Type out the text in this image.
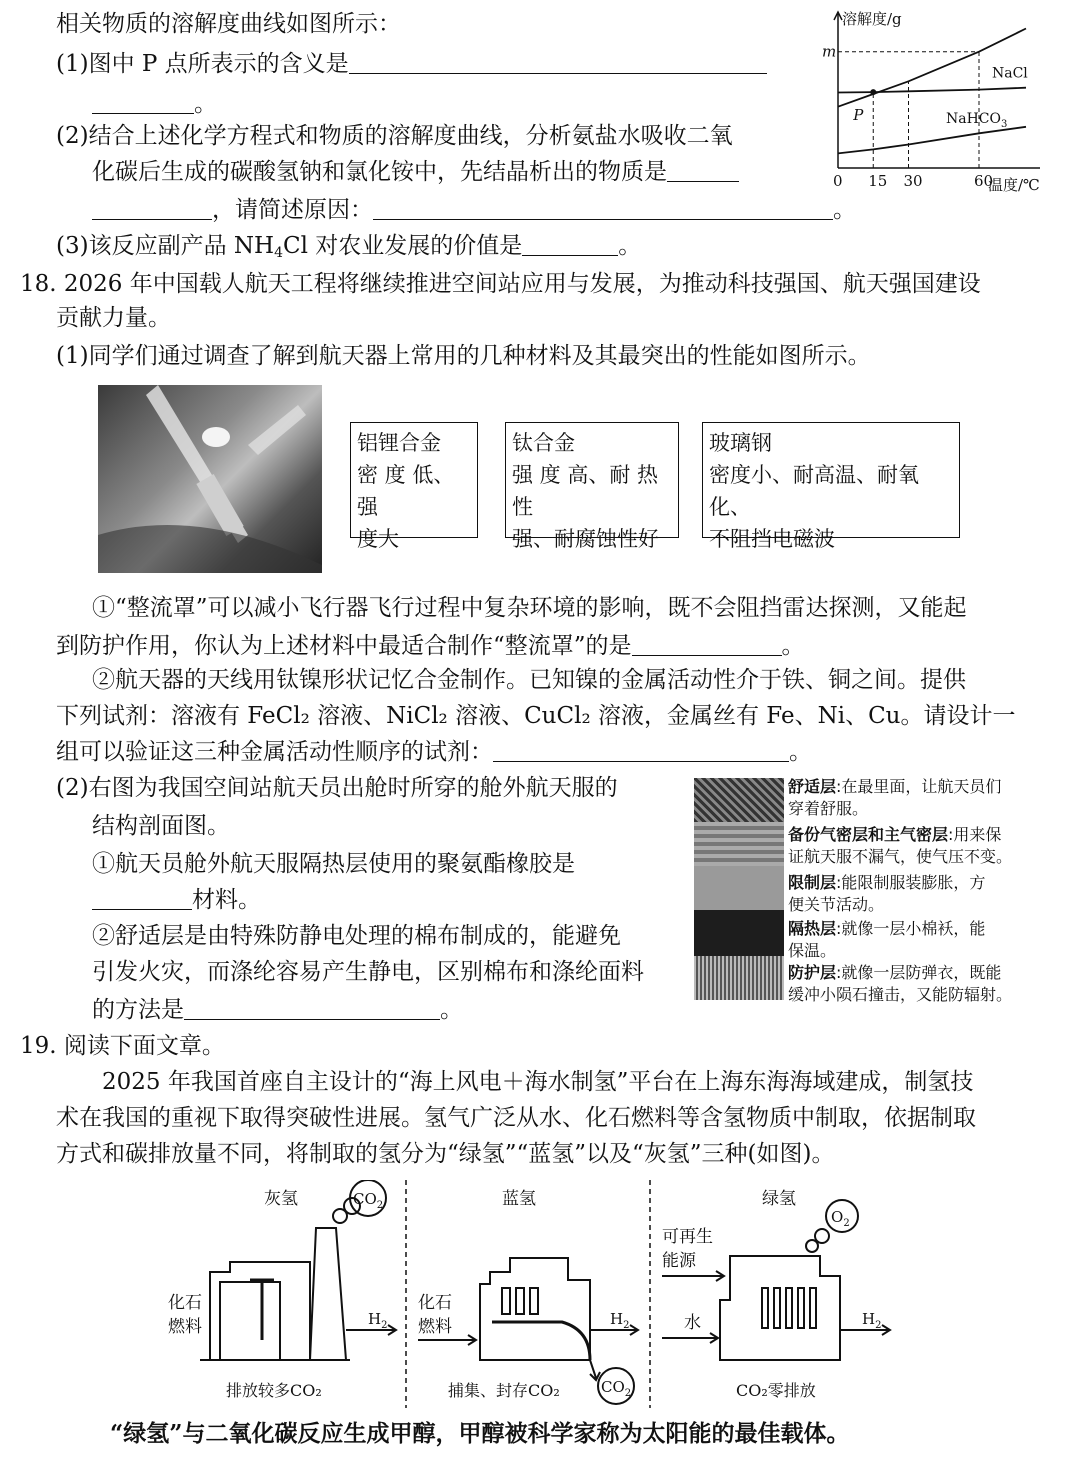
相关物质的溶解度曲线如图所示：
(1)图中 P 点所表示的含义是
。
(2)结合上述化学方程式和物质的溶解度曲线，分析氨盐水吸收二氧
化碳后生成的碳酸氢钠和氯化铵中，先结晶析出的物质是
，请简述原因：	。
(3)该反应副产品 $NH_4Cl$ 对农业发展的价值是	。
溶解度/g
温度/℃
0 15 30	60
m
NaCl
NaHCO$_3$
P
18. 2026 年中国载人航天工程将继续推进空间站应用与发展，为推动科技强国、航天强国建设
贡献力量。
(1)同学们通过调查了解到航天器上常用的几种材料及其最突出的性能如图所示。
铝锂合金
密 度 低、强
度大
钛合金
强 度 高、耐 热 性
强、耐腐蚀性好
玻璃钢
密度小、耐高温、耐氧化、
不阻挡电磁波
①“整流罩”可以减小飞行器飞行过程中复杂环境的影响，既不会阻挡雷达探测，又能起
到防护作用，你认为上述材料中最适合制作“整流罩”的是	。
②航天器的天线用钛镍形状记忆合金制作。已知镍的金属活动性介于铁、铜之间。提供
下列试剂：溶液有 FeCl₂ 溶液、NiCl₂ 溶液、CuCl₂ 溶液，金属丝有 Fe、Ni、Cu。请设计一
组可以验证这三种金属活动性顺序的试剂：	。
(2)右图为我国空间站航天员出舱时所穿的舱外航天服的
结构剖面图。
①航天员舱外航天服隔热层使用的聚氨酯橡胶是
材料。
②舒适层是由特殊防静电处理的棉布制成的，能避免
引发火灾，而涤纶容易产生静电，区别棉布和涤纶面料
的方法是	。
舒适层:在最里面，让航天员们
穿着舒服。
备份气密层和主气密层:用来保
证航天服不漏气，使气压不变。
限制层:能限制服装膨胀，方
便关节活动。
隔热层:就像一层小棉袄，能
保温。
防护层:就像一层防弹衣，既能
缓冲小陨石撞击，又能防辐射。
19. 阅读下面文章。
2025 年我国首座自主设计的“海上风电＋海水制氢”平台在上海东海海域建成，制氢技
术在我国的重视下取得突破性进展。氢气广泛从水、化石燃料等含氢物质中制取，依据制取
方式和碳排放量不同，将制取的氢分为“绿氢”“蓝氢”以及“灰氢”三种(如图)。
灰氢	$CO_2$
化石
燃料	$H_2$
排放较多CO₂
蓝氢
化石
燃料	$H_2$
$CO_2$
捕集、封存CO₂
绿氢
$O_2$
可再生
能源
水	$H_2$
CO₂零排放
“绿氢”与二氧化碳反应生成甲醇，甲醇被科学家称为太阳能的最佳载体。
